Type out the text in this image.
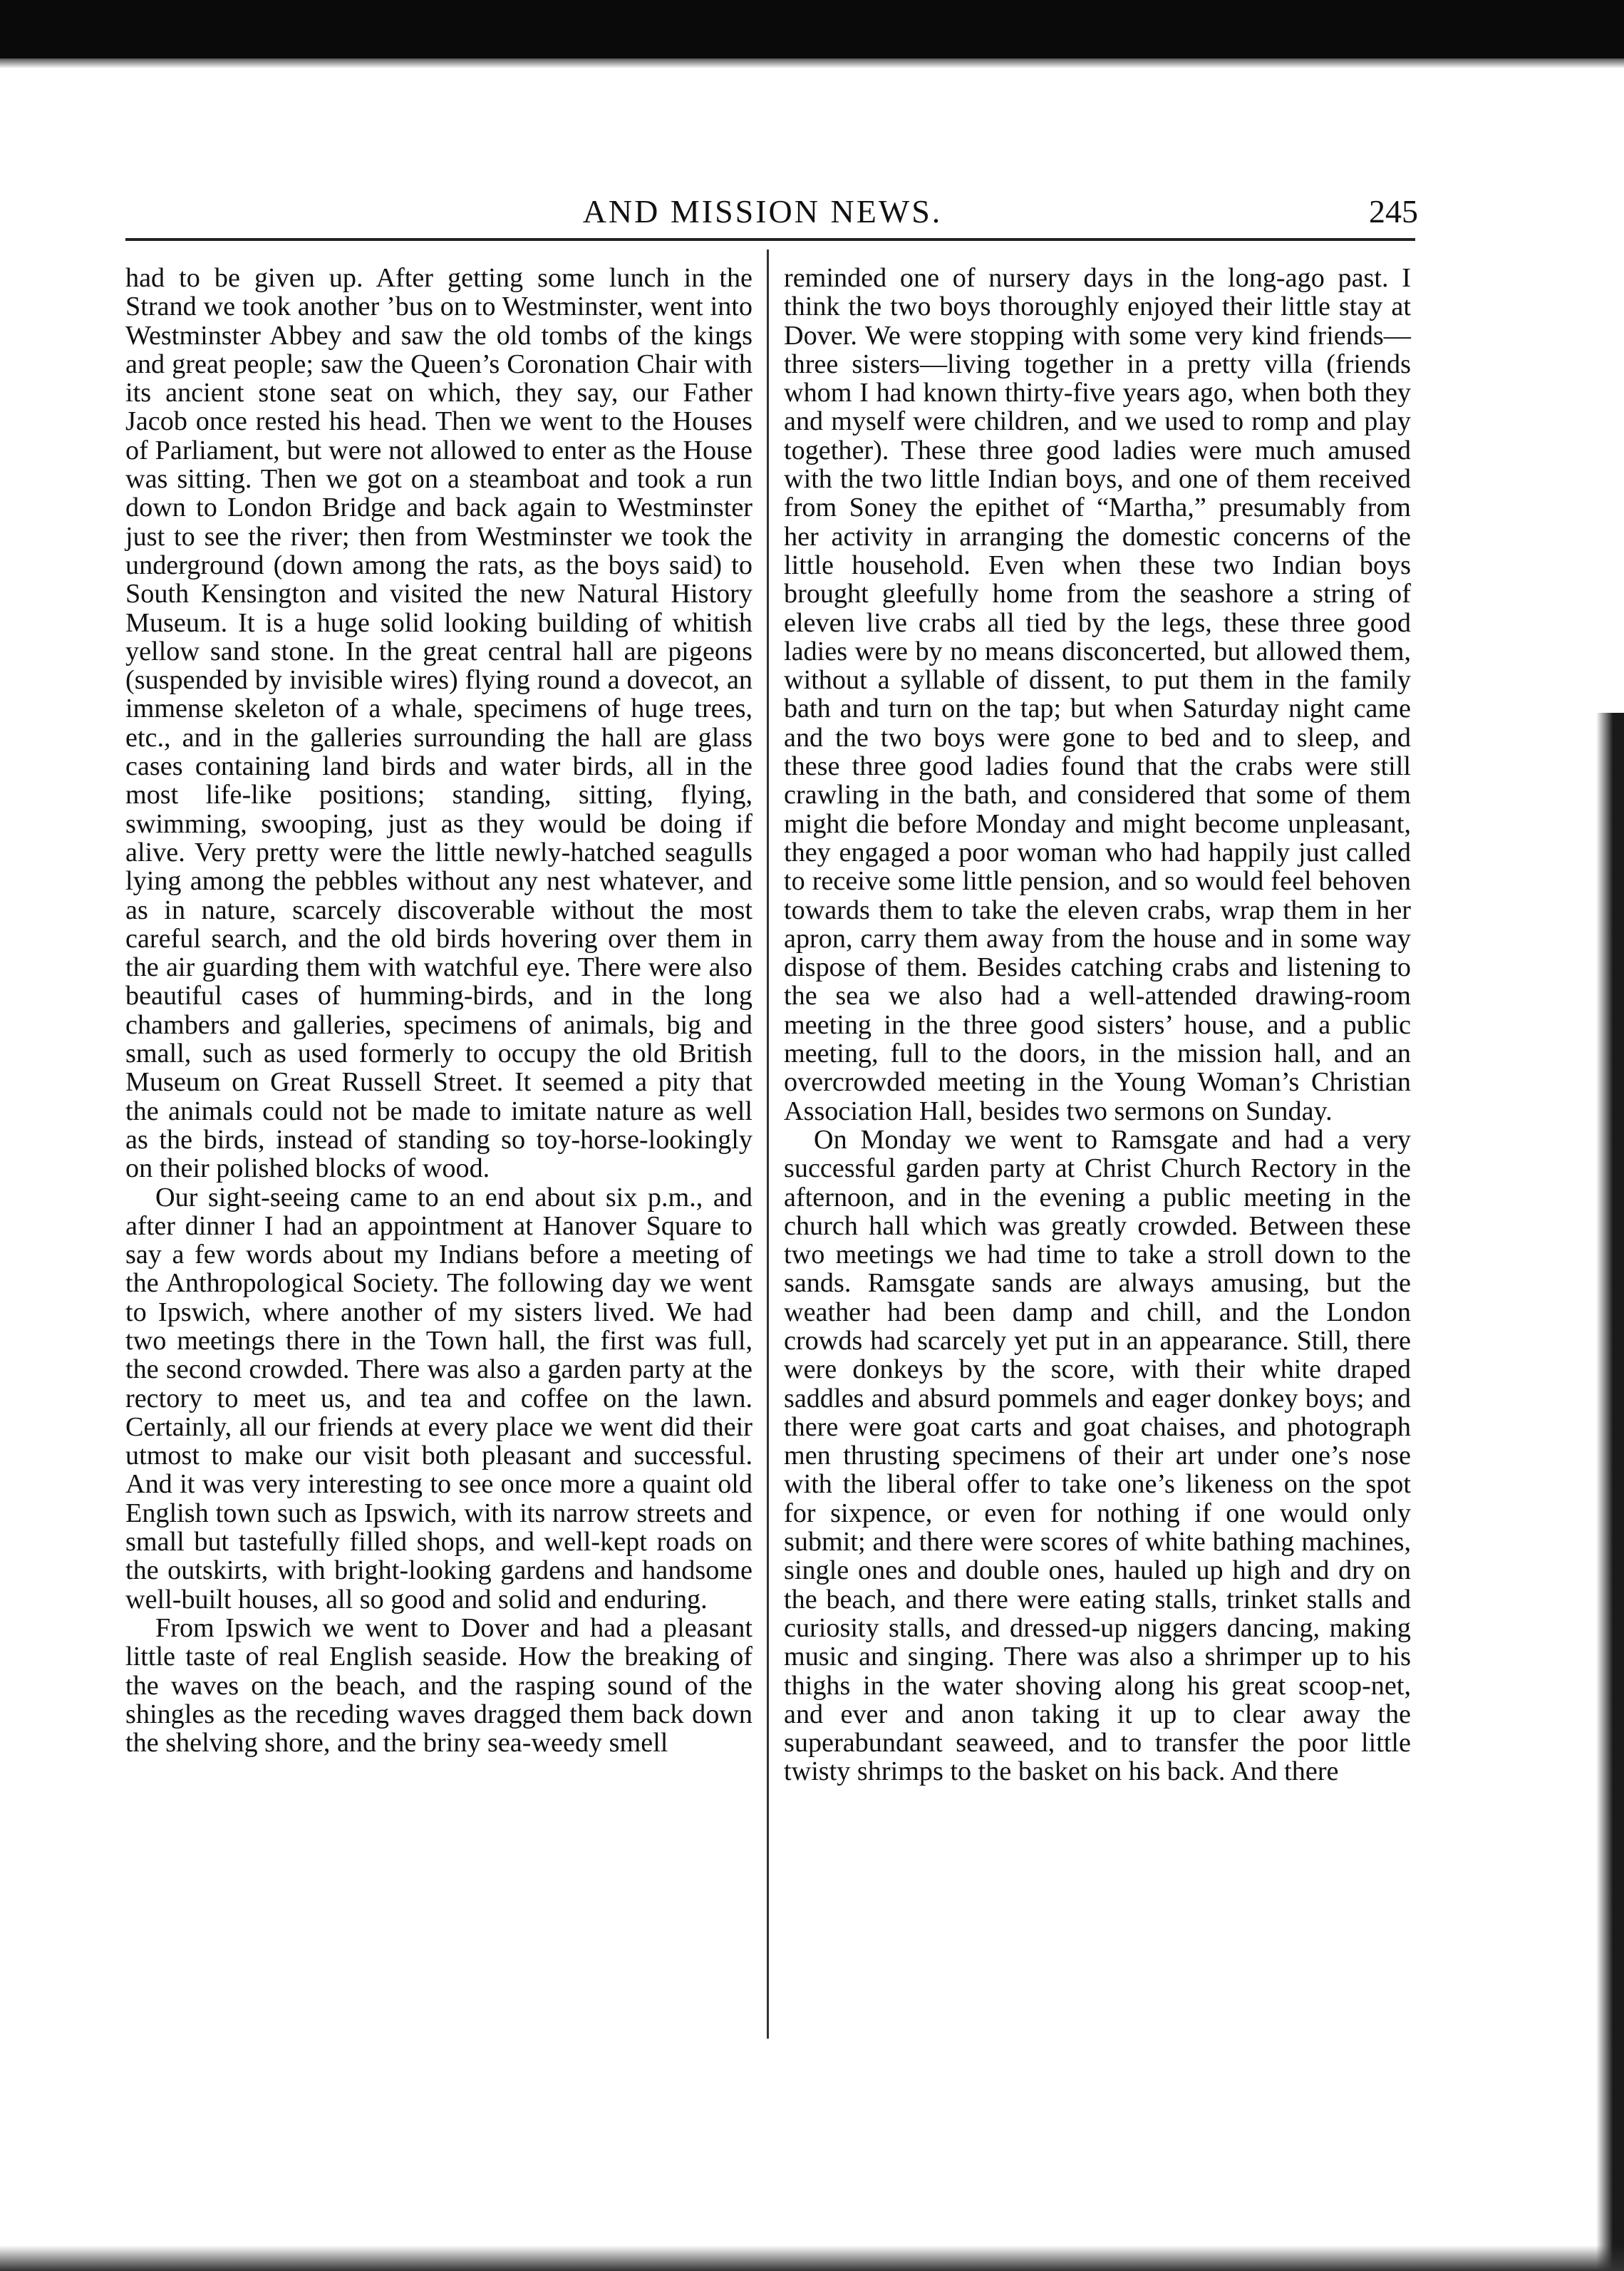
AND MISSION NEWS.	245

had to be given up. After getting some lunch in the Strand we took another ’bus on to Westminster, went into Westminster Abbey and saw the old tombs of the kings and great people; saw the Queen’s Coronation Chair with its ancient stone seat on which, they say, our Father Jacob once rested his head. Then we went to the Houses of Parliament, but were not allowed to enter as the House was sitting. Then we got on a steamboat and took a run down to London Bridge and back again to Westminster just to see the river; then from Westminster we took the underground (down among the rats, as the boys said) to South Kensington and visited the new Natural History Museum. It is a huge solid looking building of whitish yellow sand stone. In the great central hall are pigeons (suspended by invisible wires) flying round a dovecot, an immense skeleton of a whale, specimens of huge trees, etc., and in the galleries surrounding the hall are glass cases containing land birds and water birds, all in the most life-like positions; standing, sitting, flying, swimming, swooping, just as they would be doing if alive. Very pretty were the little newly-hatched seagulls lying among the pebbles without any nest whatever, and as in nature, scarcely discoverable without the most careful search, and the old birds hovering over them in the air guarding them with watchful eye. There were also beautiful cases of humming-birds, and in the long chambers and galleries, specimens of animals, big and small, such as used formerly to occupy the old British Museum on Great Russell Street. It seemed a pity that the animals could not be made to imitate nature as well as the birds, instead of standing so toy-horse-lookingly on their polished blocks of wood.

Our sight-seeing came to an end about six p.m., and after dinner I had an appointment at Hanover Square to say a few words about my Indians before a meeting of the Anthropological Society. The following day we went to Ipswich, where another of my sisters lived. We had two meetings there in the Town hall, the first was full, the second crowded. There was also a garden party at the rectory to meet us, and tea and coffee on the lawn. Certainly, all our friends at every place we went did their utmost to make our visit both pleasant and successful. And it was very interesting to see once more a quaint old English town such as Ipswich, with its narrow streets and small but tastefully filled shops, and well-kept roads on the outskirts, with bright-looking gardens and handsome well-built houses, all so good and solid and enduring.

From Ipswich we went to Dover and had a pleasant little taste of real English seaside. How the breaking of the waves on the beach, and the rasping sound of the shingles as the receding waves dragged them back down the shelving shore, and the briny sea-weedy smell

reminded one of nursery days in the long-ago past. I think the two boys thoroughly enjoyed their little stay at Dover. We were stopping with some very kind friends—three sisters—living together in a pretty villa (friends whom I had known thirty-five years ago, when both they and myself were children, and we used to romp and play together). These three good ladies were much amused with the two little Indian boys, and one of them received from Soney the epithet of “Martha,” presumably from her activity in arranging the domestic concerns of the little household. Even when these two Indian boys brought gleefully home from the seashore a string of eleven live crabs all tied by the legs, these three good ladies were by no means disconcerted, but allowed them, without a syllable of dissent, to put them in the family bath and turn on the tap; but when Saturday night came and the two boys were gone to bed and to sleep, and these three good ladies found that the crabs were still crawling in the bath, and considered that some of them might die before Monday and might become unpleasant, they engaged a poor woman who had happily just called to receive some little pension, and so would feel behoven towards them to take the eleven crabs, wrap them in her apron, carry them away from the house and in some way dispose of them. Besides catching crabs and listening to the sea we also had a well-attended drawing-room meeting in the three good sisters’ house, and a public meeting, full to the doors, in the mission hall, and an overcrowded meeting in the Young Woman’s Christian Association Hall, besides two sermons on Sunday.

On Monday we went to Ramsgate and had a very successful garden party at Christ Church Rectory in the afternoon, and in the evening a public meeting in the church hall which was greatly crowded. Between these two meetings we had time to take a stroll down to the sands. Ramsgate sands are always amusing, but the weather had been damp and chill, and the London crowds had scarcely yet put in an appearance. Still, there were donkeys by the score, with their white draped saddles and absurd pommels and eager donkey boys; and there were goat carts and goat chaises, and photograph men thrusting specimens of their art under one’s nose with the liberal offer to take one’s likeness on the spot for sixpence, or even for nothing if one would only submit; and there were scores of white bathing machines, single ones and double ones, hauled up high and dry on the beach, and there were eating stalls, trinket stalls and curiosity stalls, and dressed-up niggers dancing, making music and singing. There was also a shrimper up to his thighs in the water shoving along his great scoop-net, and ever and anon taking it up to clear away the superabundant seaweed, and to transfer the poor little twisty shrimps to the basket on his back. And there
